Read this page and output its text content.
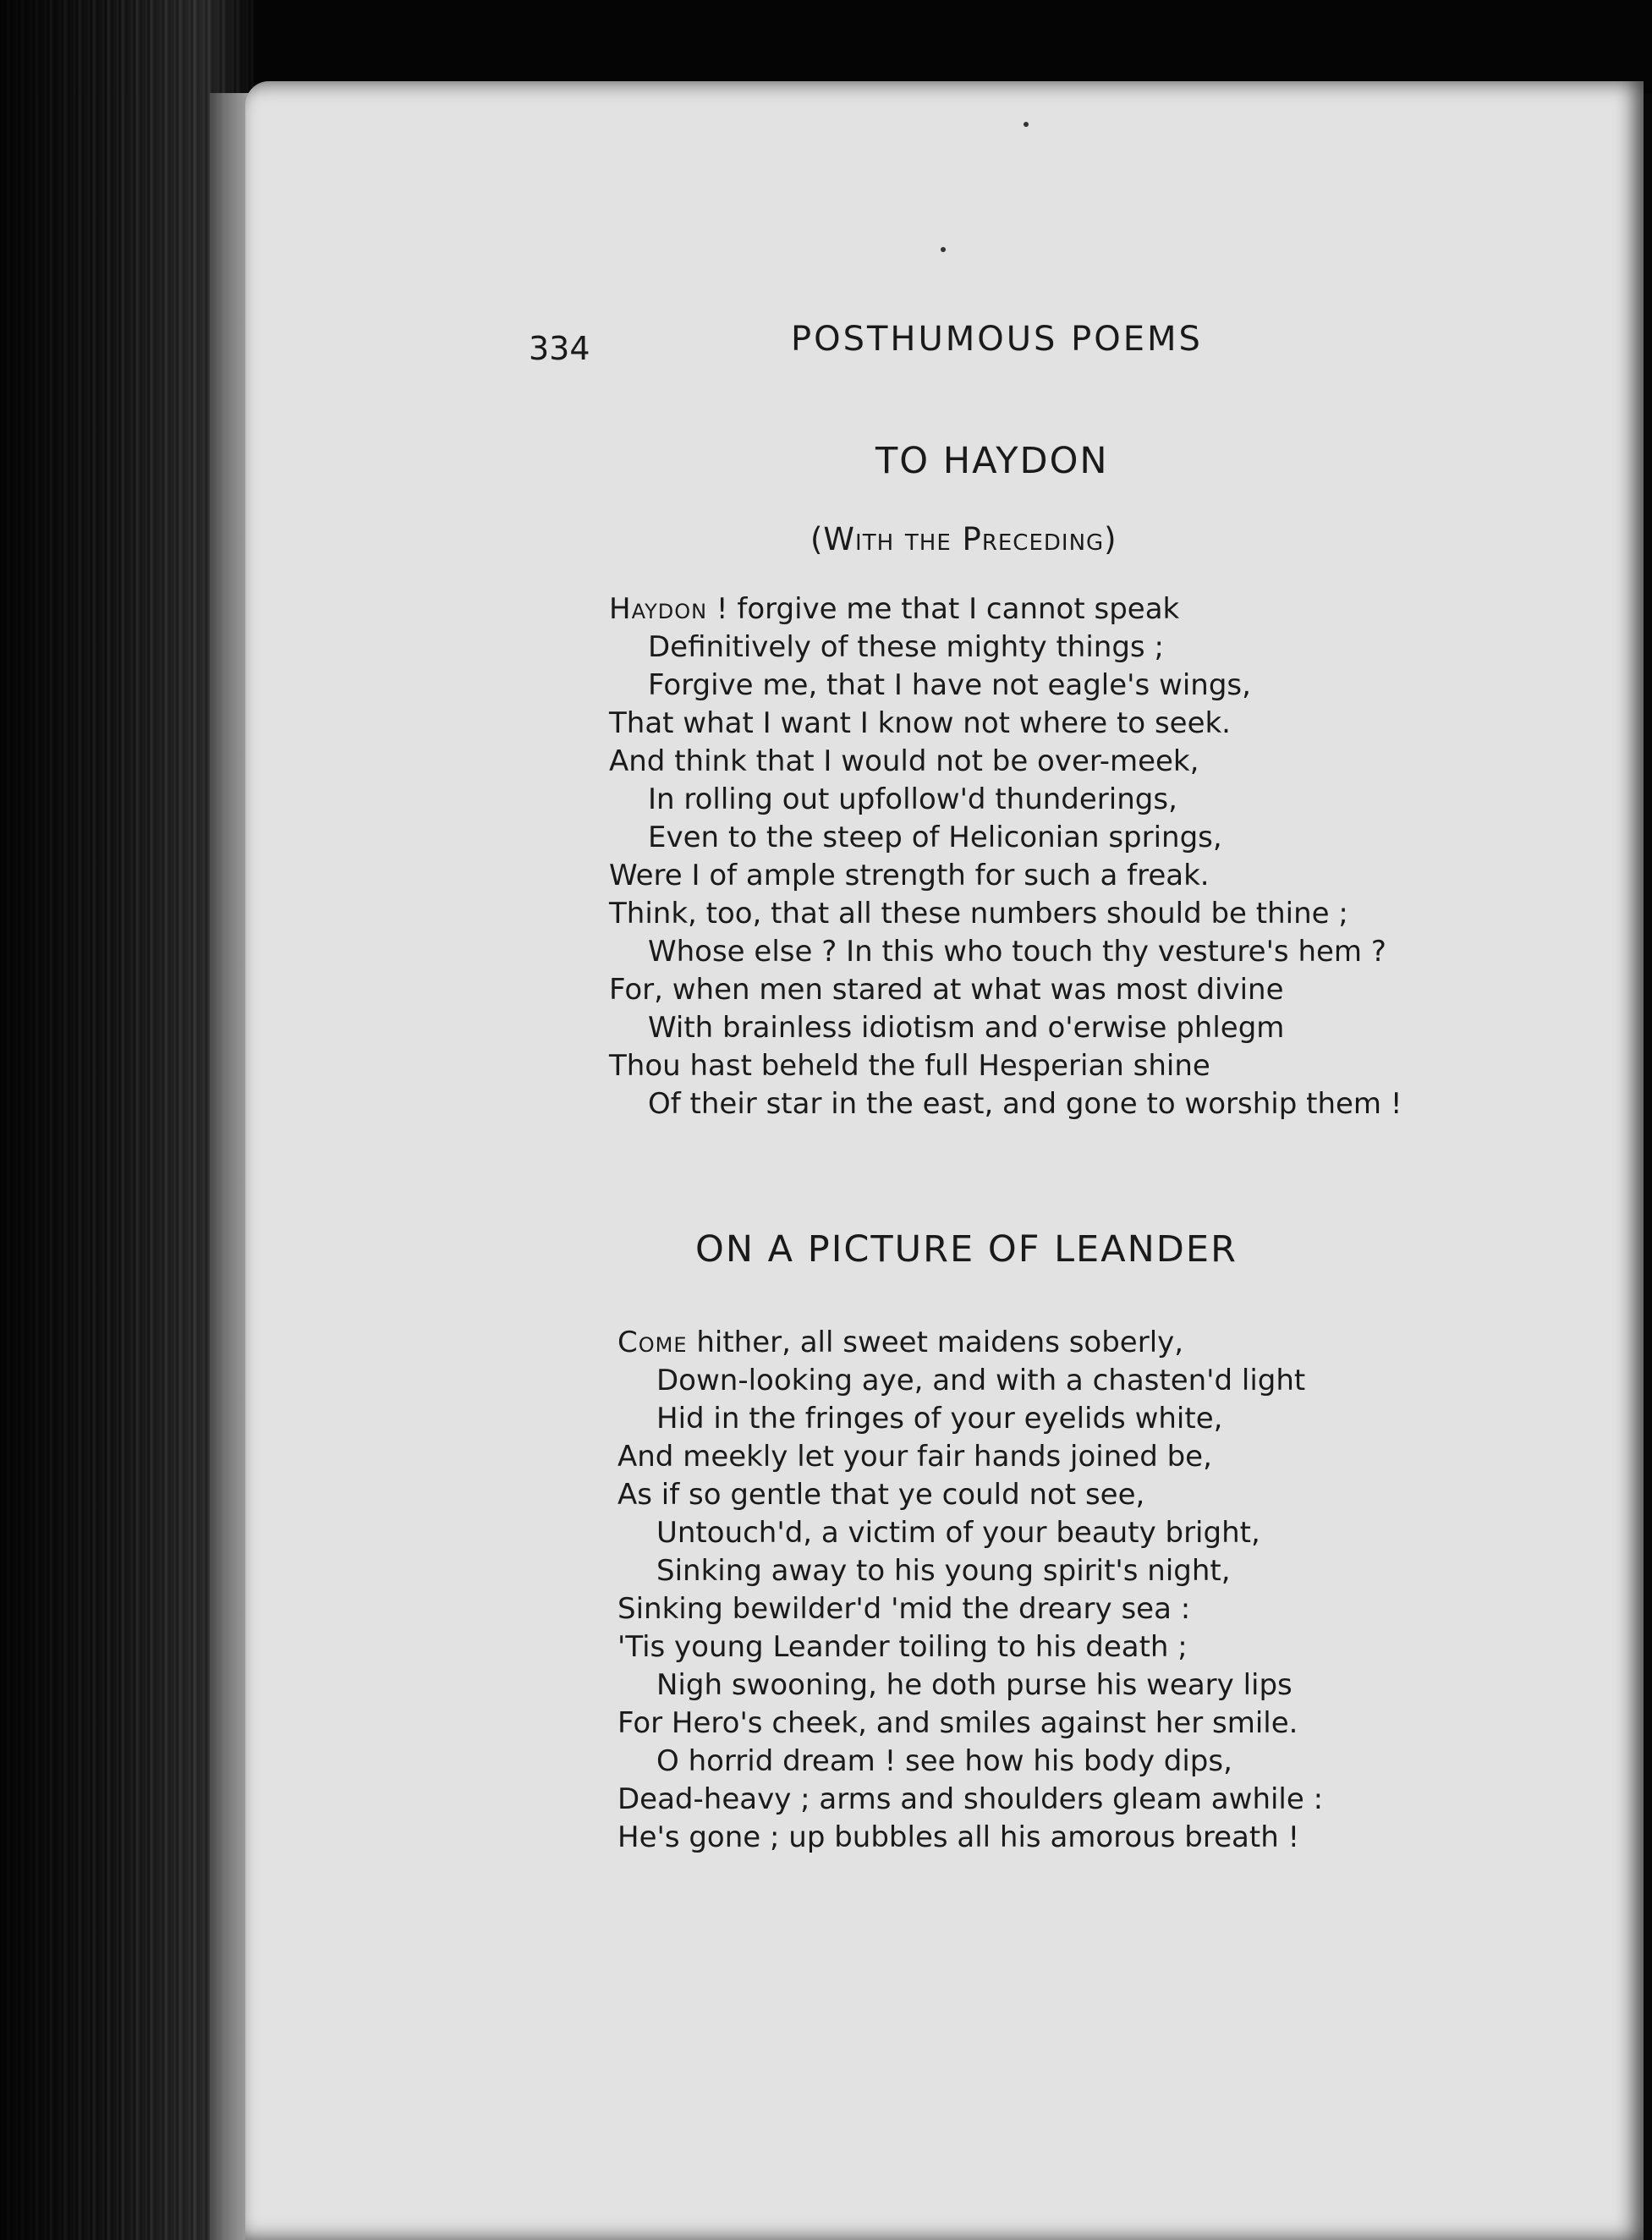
334	POSTHUMOUS POEMS
TO HAYDON
(With the Preceding)
Haydon ! forgive me that I cannot speak
Definitively of these mighty things ;
Forgive me, that I have not eagle's wings,
That what I want I know not where to seek.
And think that I would not be over-meek,
In rolling out upfollow'd thunderings,
Even to the steep of Heliconian springs,
Were I of ample strength for such a freak.
Think, too, that all these numbers should be thine ;
Whose else ? In this who touch thy vesture's hem ?
For, when men stared at what was most divine
With brainless idiotism and o'erwise phlegm
Thou hast beheld the full Hesperian shine
Of their star in the east, and gone to worship them !
ON A PICTURE OF LEANDER
Come hither, all sweet maidens soberly,
Down-looking aye, and with a chasten'd light
Hid in the fringes of your eyelids white,
And meekly let your fair hands joined be,
As if so gentle that ye could not see,
Untouch'd, a victim of your beauty bright,
Sinking away to his young spirit's night,
Sinking bewilder'd 'mid the dreary sea :
'Tis young Leander toiling to his death ;
Nigh swooning, he doth purse his weary lips
For Hero's cheek, and smiles against her smile.
O horrid dream ! see how his body dips,
Dead-heavy ; arms and shoulders gleam awhile :
He's gone ; up bubbles all his amorous breath !
